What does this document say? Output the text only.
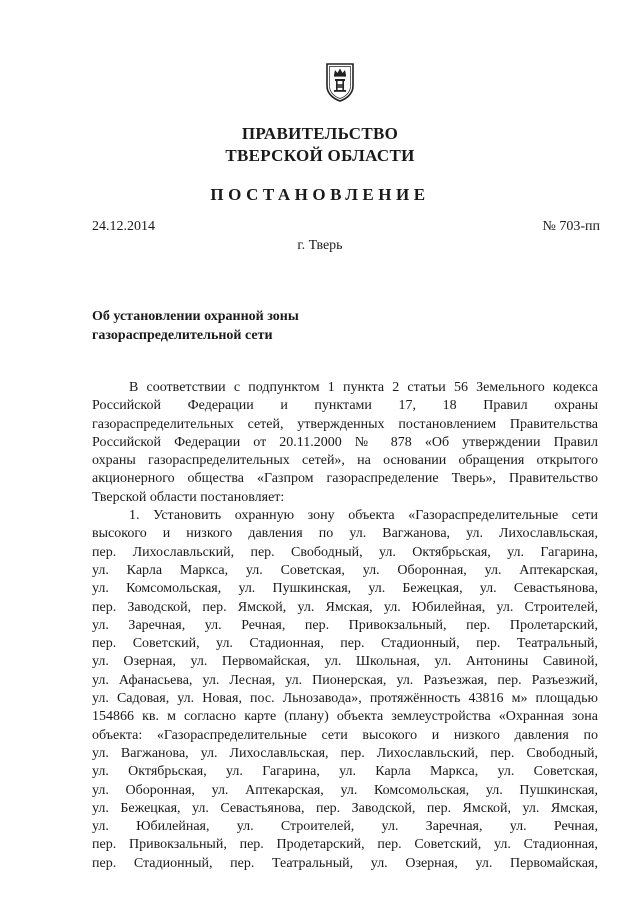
ПРАВИТЕЛЬСТВО
ТВЕРСКОЙ ОБЛАСТИ
ПОСТАНОВЛЕНИЕ
24.12.2014	№ 703-пп
г. Тверь
Об установлении охранной зоны
газораспределительной сети
В соответствии с подпунктом 1 пункта 2 статьи 56 Земельного кодекса
Российской Федерации и пунктами 17, 18 Правил охраны
газораспределительных сетей, утвержденных постановлением Правительства
Российской Федерации от 20.11.2000 № 878 «Об утверждении Правил
охраны газораспределительных сетей», на основании обращения открытого
акционерного общества «Газпром газораспределение Тверь», Правительство
Тверской области постановляет:
1. Установить охранную зону объекта «Газораспределительные сети
высокого и низкого давления по ул. Вагжанова, ул. Лихославльская,
пер. Лихославльский, пер. Свободный, ул. Октябрьская, ул. Гагарина,
ул. Карла Маркса, ул. Советская, ул. Оборонная, ул. Аптекарская,
ул. Комсомольская, ул. Пушкинская, ул. Бежецкая, ул. Севастьянова,
пер. Заводской, пер. Ямской, ул. Ямская, ул. Юбилейная, ул. Строителей,
ул. Заречная, ул. Речная, пер. Привокзальный, пер. Пролетарский,
пер. Советский, ул. Стадионная, пер. Стадионный, пер. Театральный,
ул. Озерная, ул. Первомайская, ул. Школьная, ул. Антонины Савиной,
ул. Афанасьева, ул. Лесная, ул. Пионерская, ул. Разъезжая, пер. Разъезжий,
ул. Садовая, ул. Новая, пос. Льнозавода», протяжённость 43816 м» площадью
154866 кв. м согласно карте (плану) объекта землеустройства «Охранная зона
объекта: «Газораспределительные сети высокого и низкого давления по
ул. Вагжанова, ул. Лихославльская, пер. Лихославльский, пер. Свободный,
ул. Октябрьская, ул. Гагарина, ул. Карла Маркса, ул. Советская,
ул. Оборонная, ул. Аптекарская, ул. Комсомольская, ул. Пушкинская,
ул. Бежецкая, ул. Севастьянова, пер. Заводской, пер. Ямской, ул. Ямская,
ул. Юбилейная, ул. Строителей, ул. Заречная, ул. Речная,
пер. Привокзальный, пер. Продетарский, пер. Советский, ул. Стадионная,
пер. Стадионный, пер. Театральный, ул. Озерная, ул. Первомайская,
